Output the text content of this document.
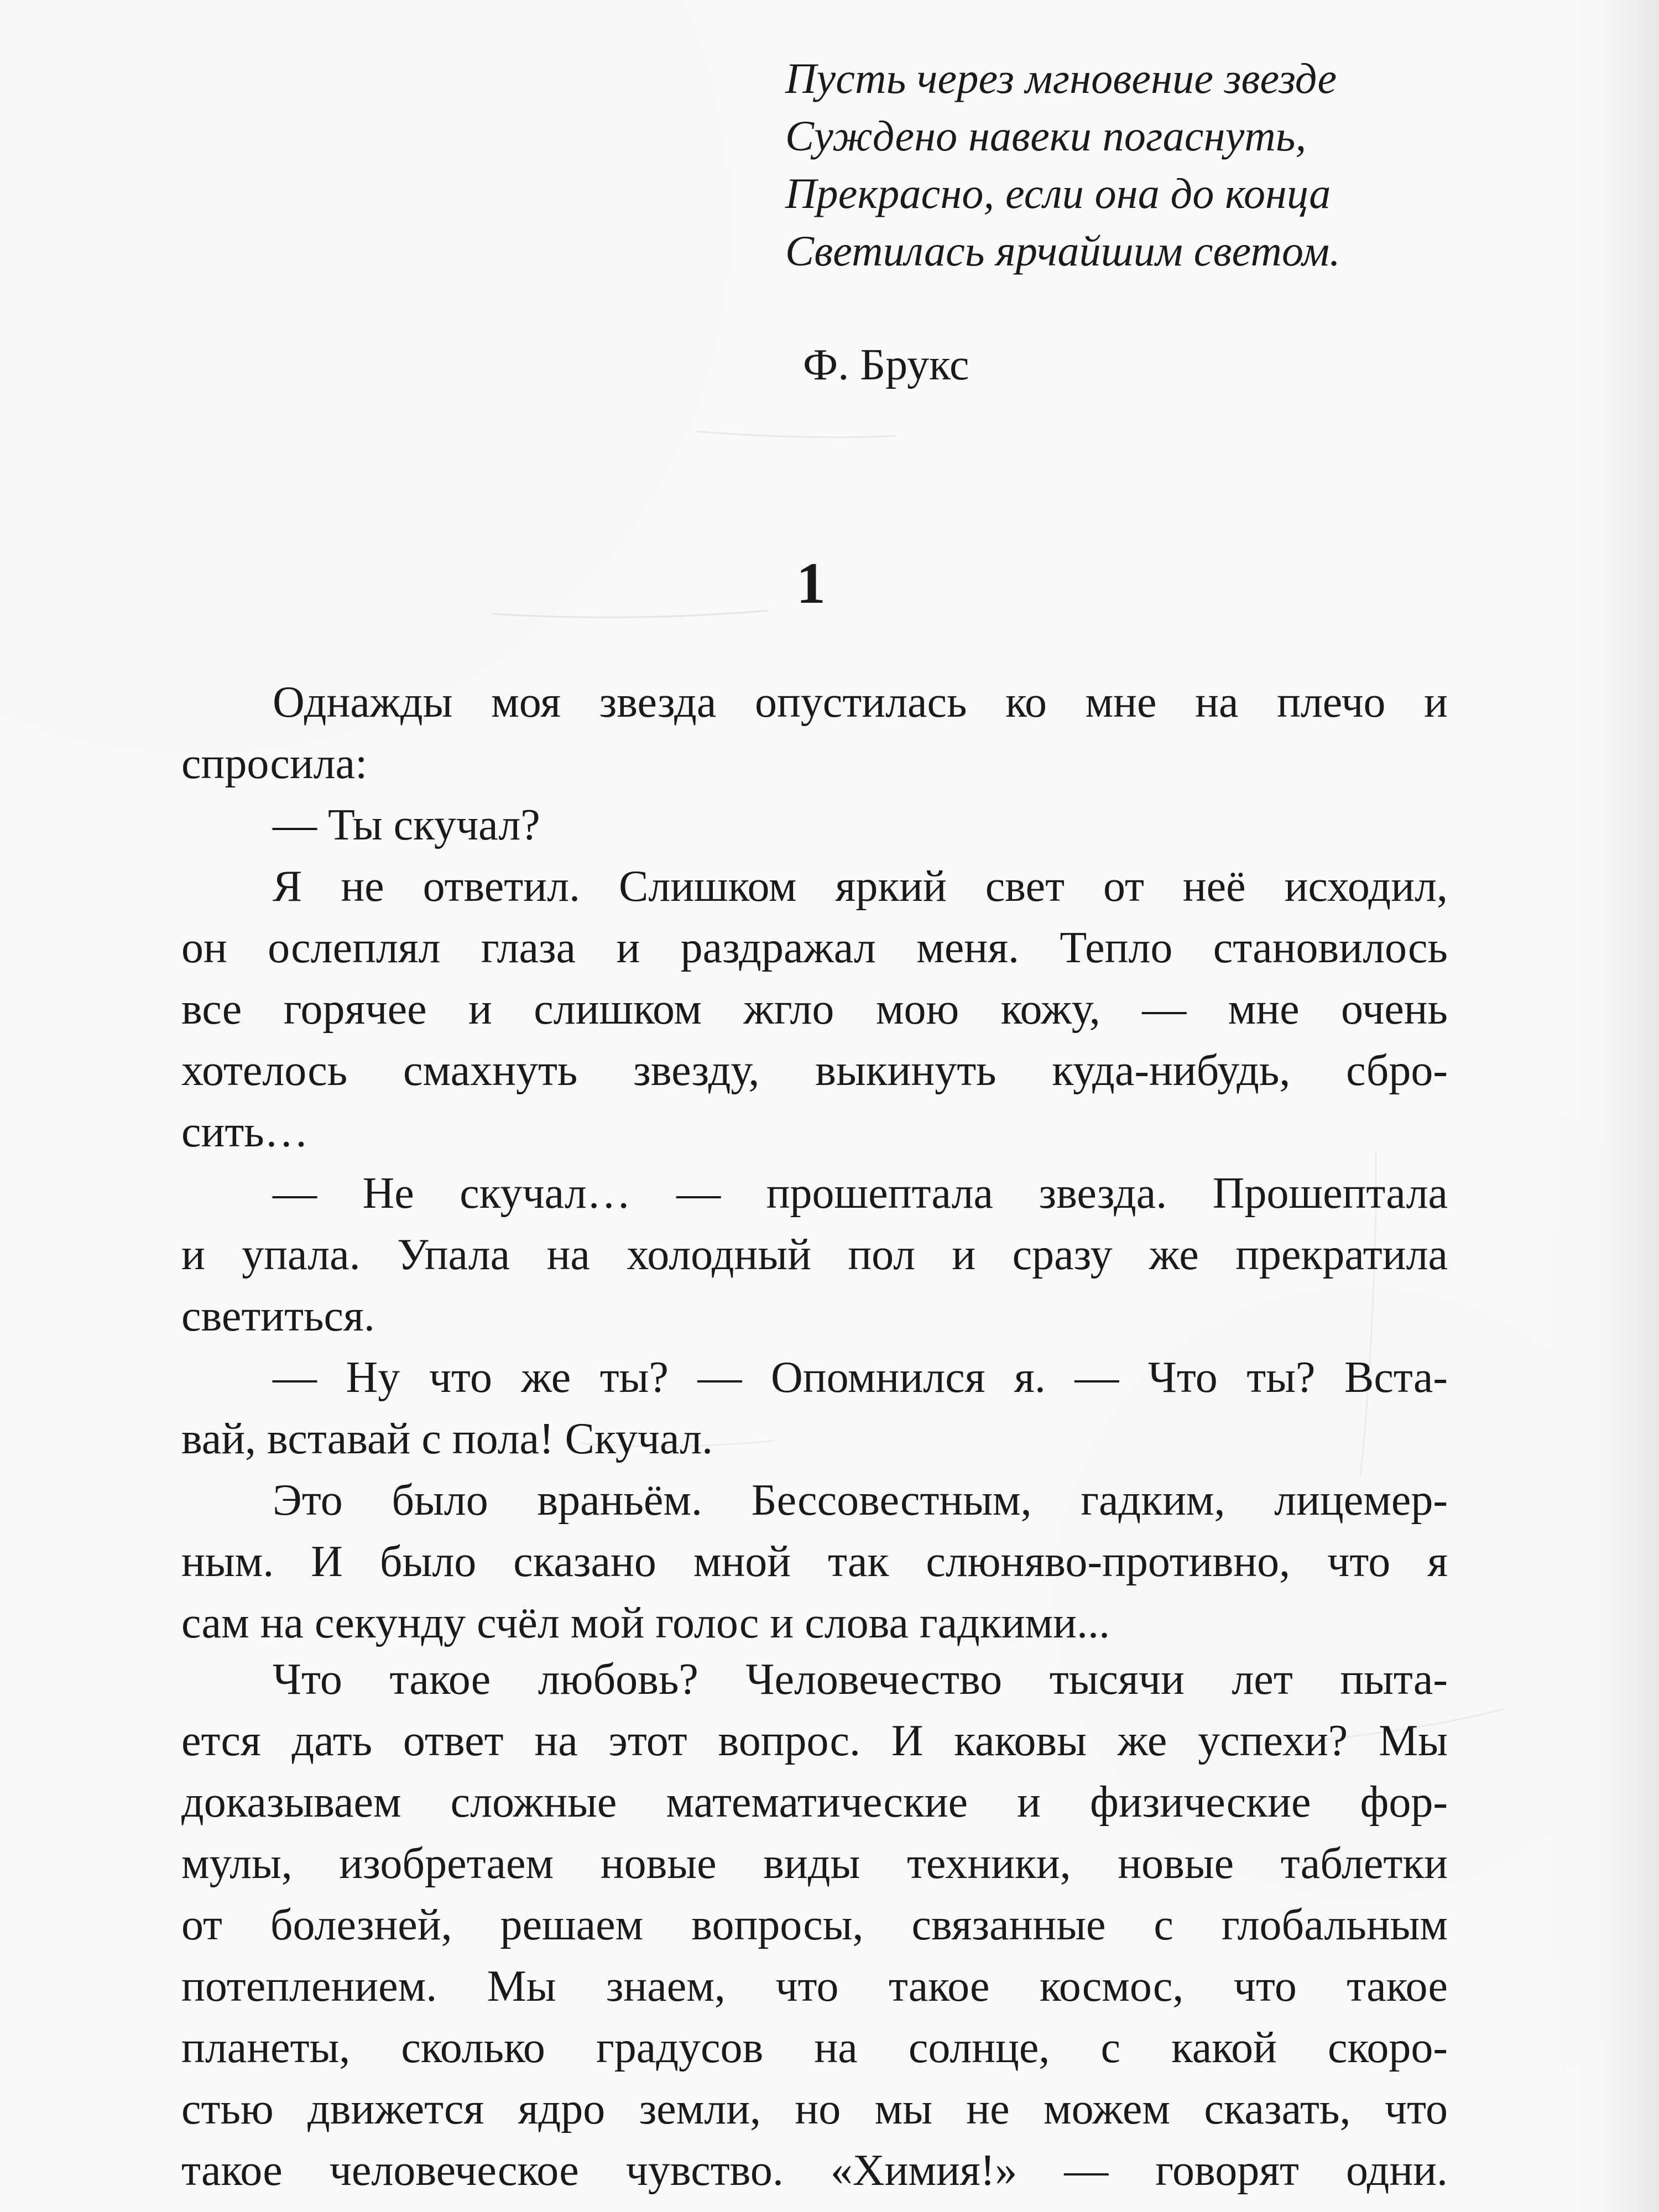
Пусть через мгновение звезде
Суждено навеки погаснуть,
Прекрасно, если она до конца
Светилась ярчайшим светом.
Ф. Брукс
1
Однажды моя звезда опустилась ко мне на плечо и
спросила:
— Ты скучал?
Я не ответил. Слишком яркий свет от неё исходил,
он ослеплял глаза и раздражал меня. Тепло становилось
все горячее и слишком жгло мою кожу, — мне очень
хотелось смахнуть звезду, выкинуть куда-нибудь, сбро-
сить…
— Не скучал… — прошептала звезда. Прошептала
и упала. Упала на холодный пол и сразу же прекратила
светиться.
— Ну что же ты? — Опомнился я. — Что ты? Вста-
вай, вставай с пола! Скучал.
Это было враньём. Бессовестным, гадким, лицемер-
ным. И было сказано мной так слюняво-противно, что я
сам на секунду счёл мой голос и слова гадкими...
Что такое любовь? Человечество тысячи лет пыта-
ется дать ответ на этот вопрос. И каковы же успехи? Мы
доказываем сложные математические и физические фор-
мулы, изобретаем новые виды техники, новые таблетки
от болезней, решаем вопросы, связанные с глобальным
потеплением. Мы знаем, что такое космос, что такое
планеты, сколько градусов на солнце, с какой скоро-
стью движется ядро земли, но мы не можем сказать, что
такое человеческое чувство. «Химия!» — говорят одни.
